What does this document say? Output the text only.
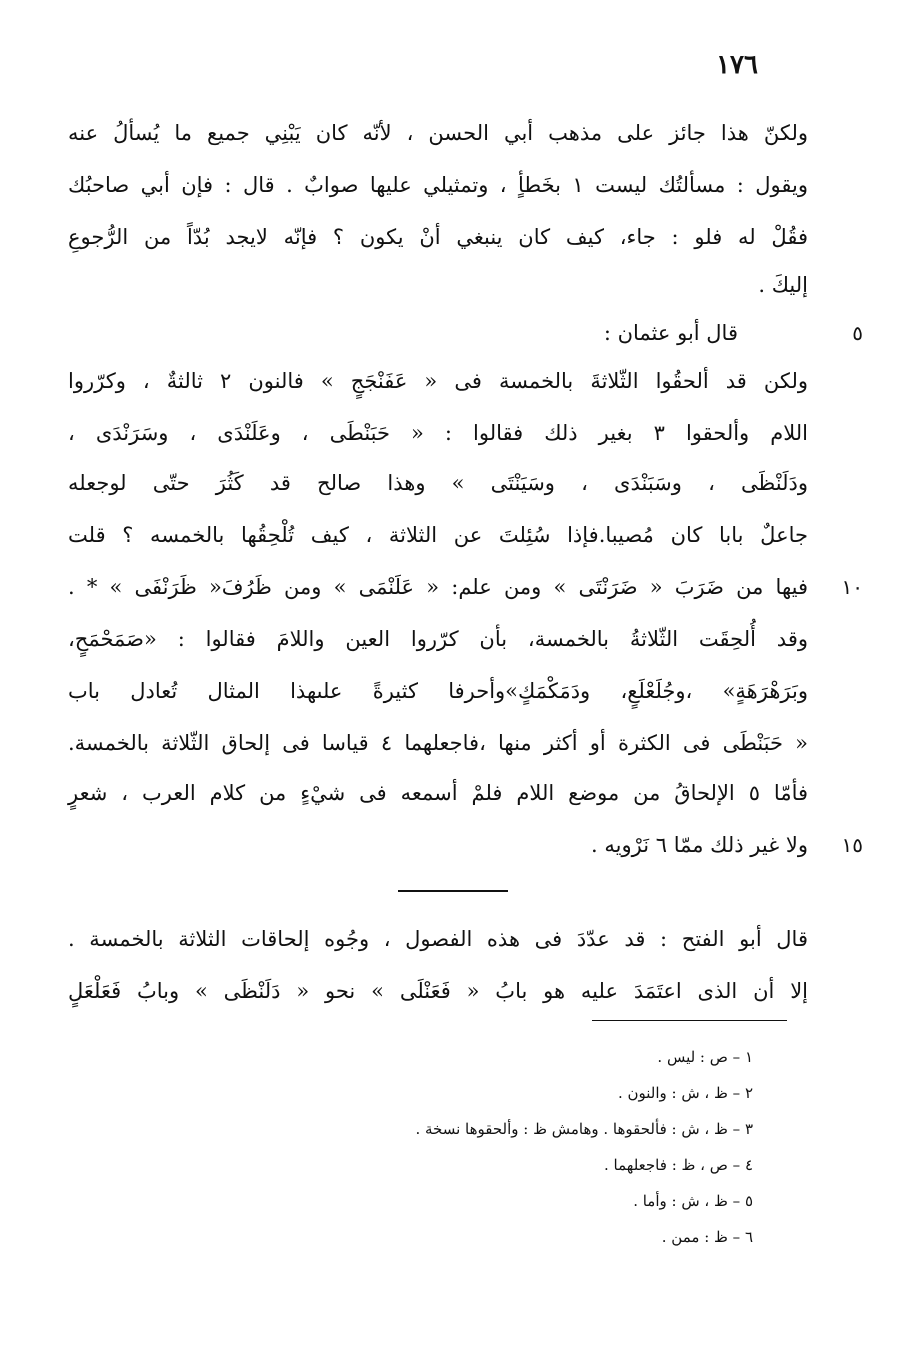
١٧٦
ولكنّ هذا جائز على مذهب أبي الحسن ، لأنّه كان يَبْنِي جميع ما يُسألُ عنه
ويقول : مسألتُك ليست ١ بخَطأٍ ، وتمثيلي عليها صوابٌ . قال : فإن أبي صاحبُك
فقُلْ له فلو : جاء، كيف كان ينبغي أنْ يكون ؟ فإنّه لايجد بُدّاً من الرُّجوعِ
إليكَ .
قال أبو عثمان :	٥
ولكن قد ألحقُوا الثّلاثةَ بالخمسة فى « عَفَنْجَجٍ » فالنون ٢ ثالثةٌ ، وكرّروا
اللام وألحقوا ٣ بغير ذلك فقالوا : « حَبَنْطَى ، وعَلَنْدَى ، وسَرَنْدَى ،
ودَلَنْظَى ، وسَبَنْدَى ، وسَيَنْتَى » وهذا صالح قد كَثُرَ حتّى لوجعله
جاعلٌ بابا كان مُصيبا.فإذا سُئِلتَ عن الثلاثة ، كيف تُلْحِقُها بالخمسه ؟ قلت
فيها من ضَرَبَ « ضَرَنْتَى » ومن علم: « عَلَنْمَى » ومن ظَرُفَ« ظَرَنْفَى » * .	١٠
وقد أُلحِقَت الثّلاثةُ بالخمسة، بأن كرّروا العين واللامَ فقالوا : «صَمَحْمَحٍ،
وبَرَهْرَهَةٍ» ،وجُلَعْلَعٍ، ودَمَكْمَكٍ»وأحرفا كثيرةً علىهذا المثال تُعادل باب
« حَبَنْطَى فى الكثرة أو أكثر منها ،فاجعلهما ٤ قياسا فى إلحاق الثّلاثة بالخمسة.
فأمّا ٥ الإلحاقُ من موضع اللام فلمْ أسمعه فى شيْءٍ من كلام العرب ، شعرٍ
ولا غير ذلك ممّا ٦ نَرْويه .	١٥
قال أبو الفتح : قد عدّدَ فى هذه الفصول ، وجُوه إلحاقات الثلاثة بالخمسة .
إلا أن الذى اعتَمَدَ عليه هو بابُ « فَعَنْلَى » نحو « دَلَنْظَى » وبابُ فَعَلْعَلٍ
١ – ص : ليس .
٢ – ظ ، ش : والنون .
٣ – ظ ، ش : فألحقوها . وهامش ظ : وألحقوها نسخة .
٤ – ص ، ظ : فاجعلهما .
٥ – ظ ، ش : وأما .
٦ – ظ : ممن .
